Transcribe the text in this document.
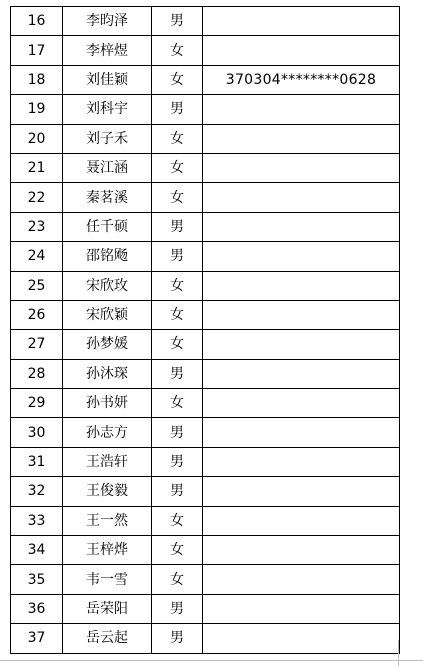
16	李昀泽	男	
17	李梓煜	女	
18	刘佳颖	女	370304********0628
19	刘科宇	男	
20	刘子禾	女	
21	聂江涵	女	
22	秦茗溪	女	
23	任千硕	男	
24	邵铭飏	男	
25	宋欣玫	女	
26	宋欣颖	女	
27	孙梦媛	女	
28	孙沐琛	男	
29	孙书妍	女	
30	孙志方	男	
31	王浩轩	男	
32	王俊毅	男	
33	王一然	女	
34	王梓烨	女	
35	韦一雪	女	
36	岳荣阳	男	
37	岳云起	男	
